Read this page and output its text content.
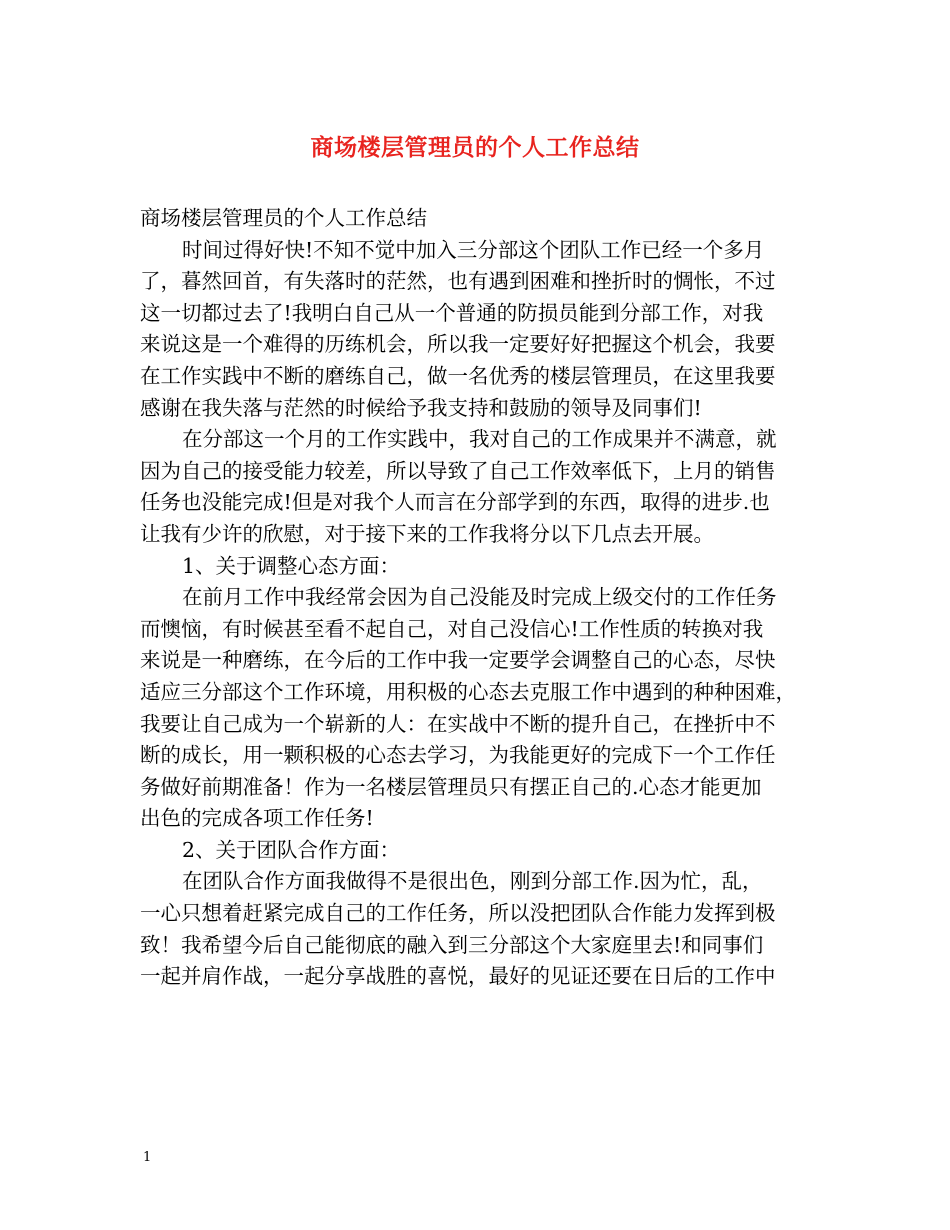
商场楼层管理员的个人工作总结
商场楼层管理员的个人工作总结
时间过得好快!不知不觉中加入三分部这个团队工作已经一个多月
了，暮然回首，有失落时的茫然，也有遇到困难和挫折时的惆怅，不过
这一切都过去了!我明白自己从一个普通的防损员能到分部工作，对我
来说这是一个难得的历练机会，所以我一定要好好把握这个机会，我要
在工作实践中不断的磨练自己，做一名优秀的楼层管理员，在这里我要
感谢在我失落与茫然的时候给予我支持和鼓励的领导及同事们!
在分部这一个月的工作实践中，我对自己的工作成果并不满意，就
因为自己的接受能力较差，所以导致了自己工作效率低下，上月的销售
任务也没能完成!但是对我个人而言在分部学到的东西，取得的进步.也
让我有少许的欣慰，对于接下来的工作我将分以下几点去开展。
1、关于调整心态方面：
在前月工作中我经常会因为自己没能及时完成上级交付的工作任务
而懊恼，有时候甚至看不起自己，对自己没信心!工作性质的转换对我
来说是一种磨练，在今后的工作中我一定要学会调整自己的心态，尽快
适应三分部这个工作环境，用积极的心态去克服工作中遇到的种种困难，
我要让自己成为一个崭新的人：在实战中不断的提升自己，在挫折中不
断的成长，用一颗积极的心态去学习，为我能更好的完成下一个工作任
务做好前期准备！作为一名楼层管理员只有摆正自己的.心态才能更加
出色的完成各项工作任务!
2、关于团队合作方面：
在团队合作方面我做得不是很出色，刚到分部工作.因为忙，乱，
一心只想着赶紧完成自己的工作任务，所以没把团队合作能力发挥到极
致！我希望今后自己能彻底的融入到三分部这个大家庭里去!和同事们
一起并肩作战，一起分享战胜的喜悦，最好的见证还要在日后的工作中
1
